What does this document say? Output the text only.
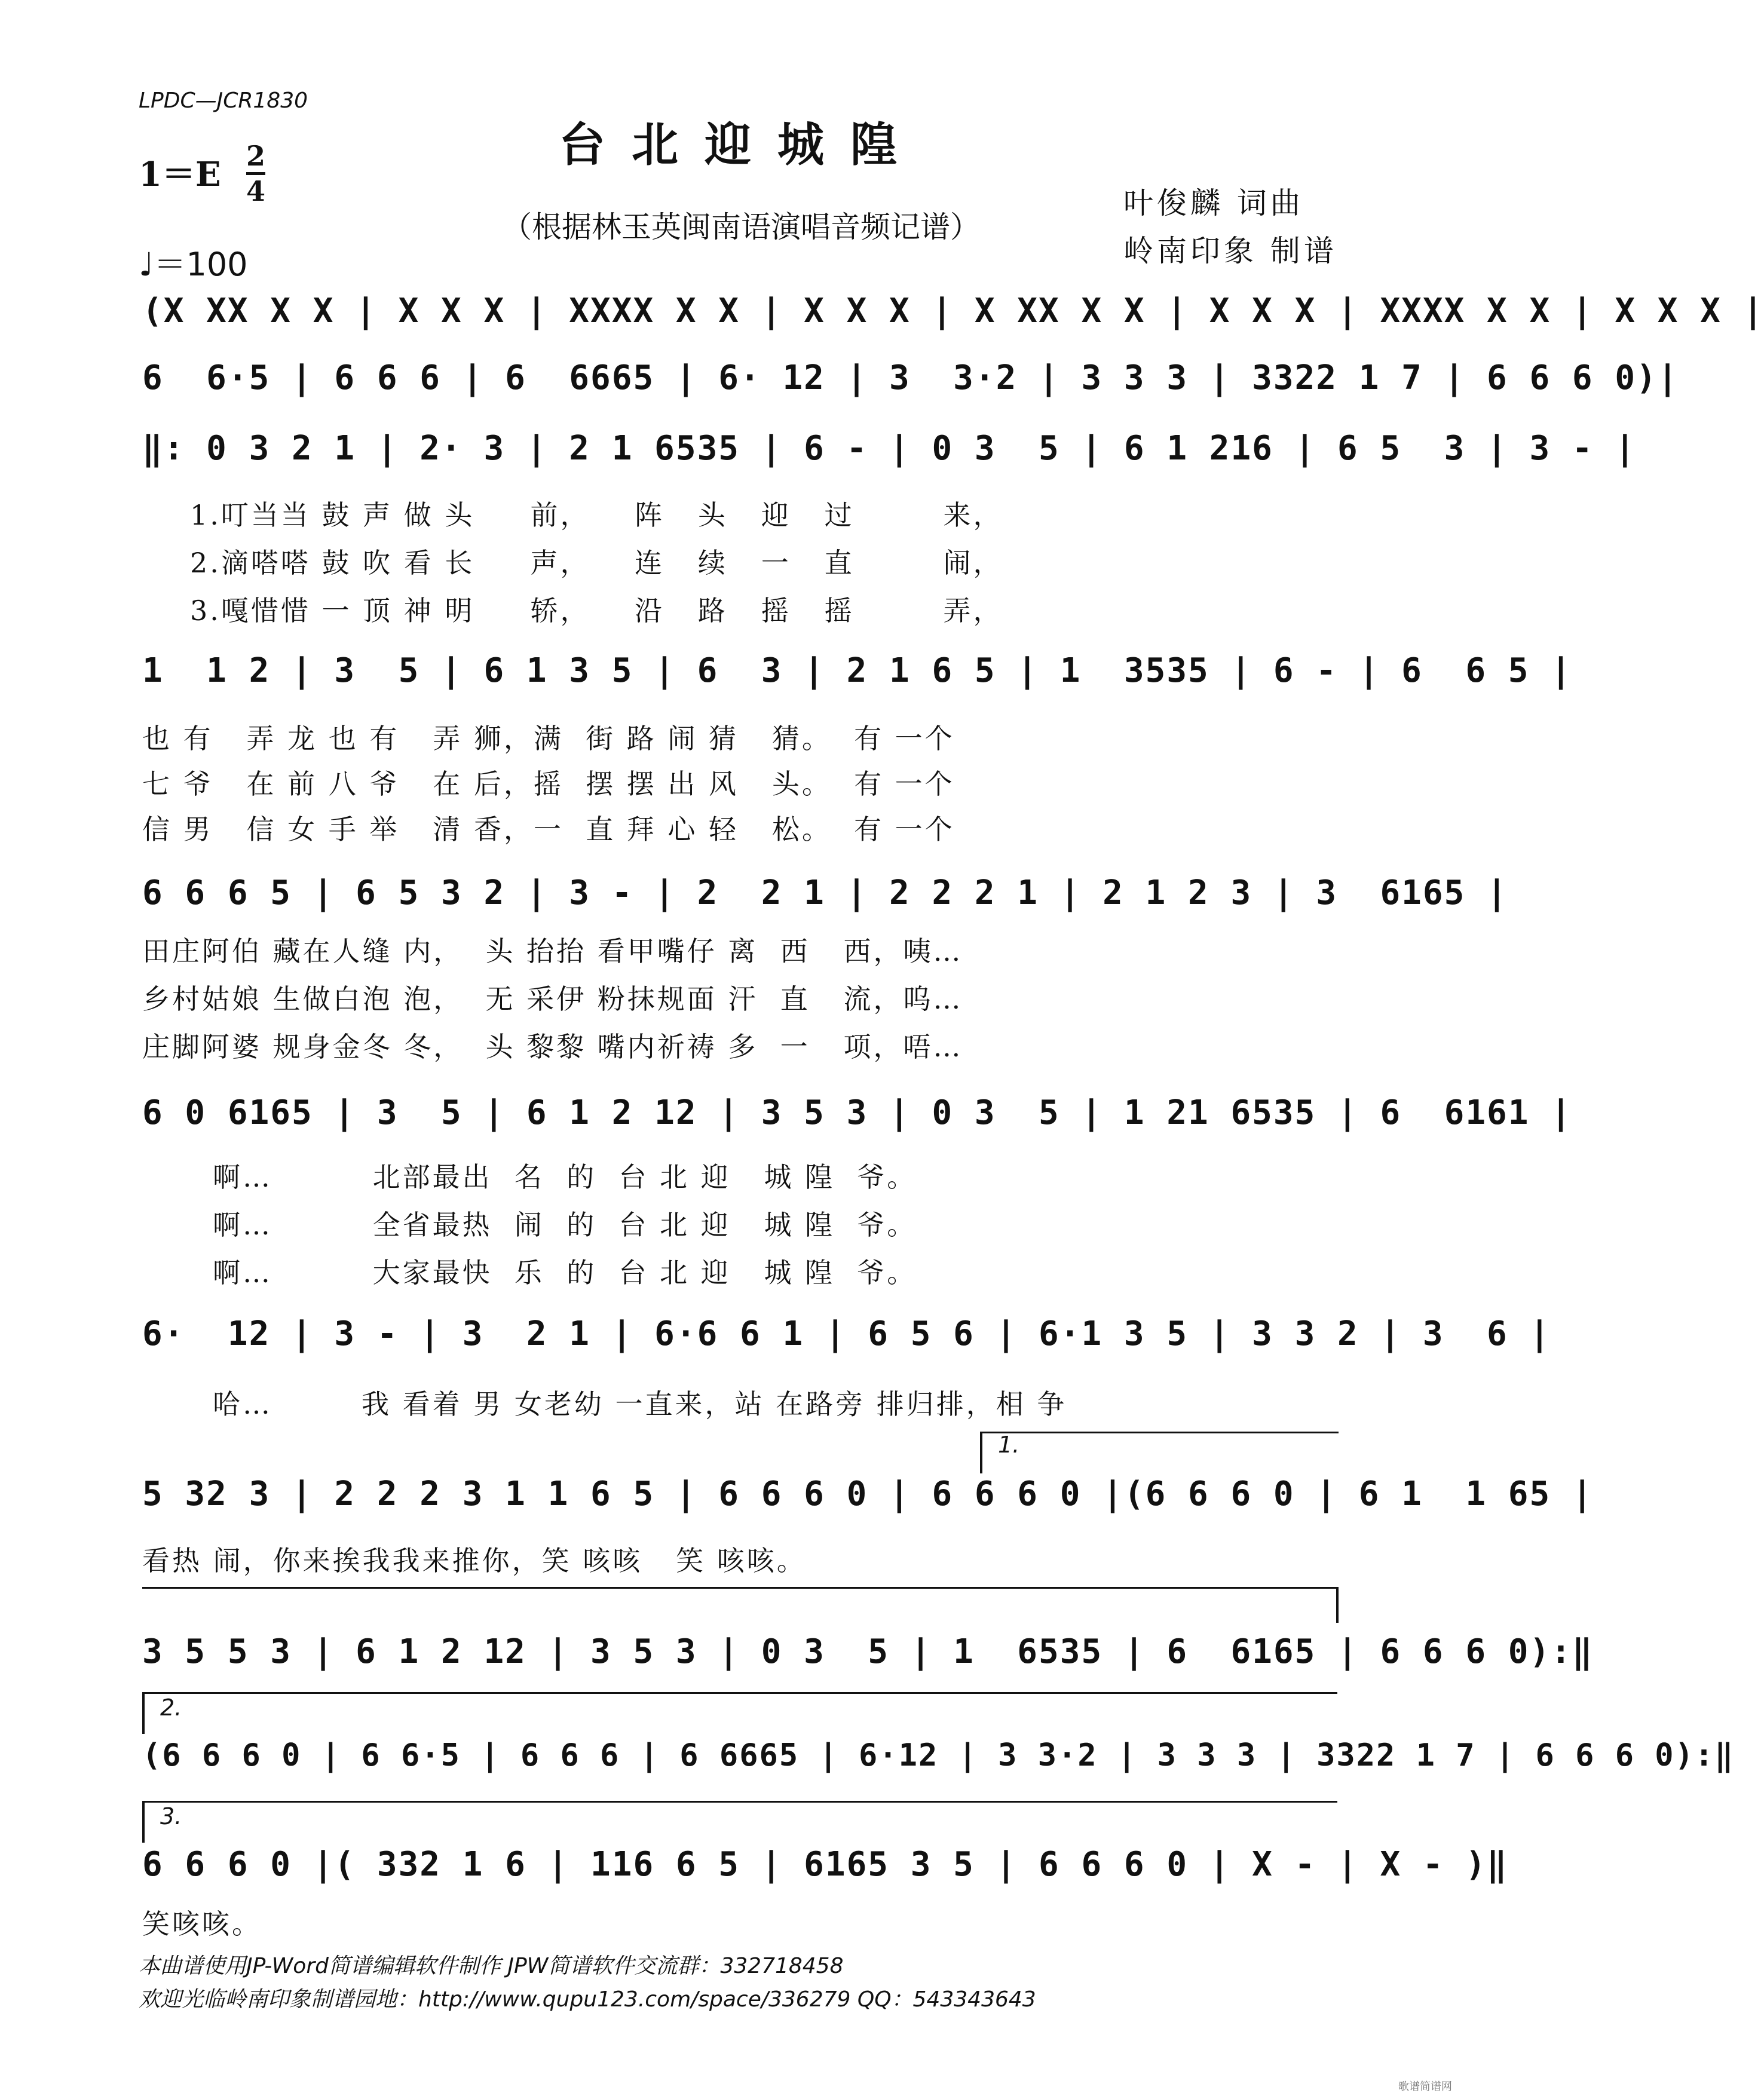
LPDC—JCR1830
台北迎城隍
（根据林玉英闽南语演唱音频记谱）
1＝E 2
4
♩＝100
叶俊麟 词曲
岭南印象 制谱
(X XX X X | X X X | XXXX X X | X X X | X XX X X | X X X | XXXX X X | X X X |
6  6·5 | 6 6 6 | 6  6665 | 6· 12 | 3  3·2 | 3 3 3 | 3322 1 7 | 6 6 6 0)|
‖: 0 3 2 1 | 2· 3 | 2 1 6535 | 6 - | 0 3  5 | 6 1 216 | 6 5  3 | 3 - |
1.叮当当 鼓 声 做 头     前，    阵   头   迎   过        来，
2.滴嗒嗒 鼓 吹 看 长     声，    连   续   一   直        闹，
3.嘎惜惜 一 顶 神 明     轿，    沿   路   摇   摇        弄，
1  1 2 | 3  5 | 6 1 3 5 | 6  3 | 2 1 6 5 | 1  3535 | 6 - | 6  6 5 |
也 有   弄 龙 也 有   弄 狮，满  街 路 闹 猜   猜。  有 一个
七 爷   在 前 八 爷   在 后，摇  摆 摆 出 风   头。  有 一个
信 男   信 女 手 举   清 香，一  直 拜 心 轻   松。  有 一个
6 6 6 5 | 6 5 3 2 | 3 - | 2  2 1 | 2 2 2 1 | 2 1 2 3 | 3  6165 |
田庄阿伯 藏在人缝 内，  头 抬抬 看甲嘴仔 离  西   西，咦…
乡村姑娘 生做白泡 泡，  无 采伊 粉抹规面 汗  直   流，呜…
庄脚阿婆 规身金冬 冬，  头 黎黎 嘴内祈祷 多  一   项，唔…
6 0 6165 | 3  5 | 6 1 2 12 | 3 5 3 | 0 3  5 | 1 21 6535 | 6  6161 |
啊…         北部最出  名  的  台 北 迎   城 隍  爷。
啊…         全省最热  闹  的  台 北 迎   城 隍  爷。
啊…         大家最快  乐  的  台 北 迎   城 隍  爷。
6·  12 | 3 - | 3  2 1 | 6·6 6 1 | 6 5 6 | 6·1 3 5 | 3 3 2 | 3  6 |
哈…        我 看着 男 女老幼 一直来，站 在路旁 排归排，相 争
1.
5 32 3 | 2 2 2 3 1 1 6 5 | 6 6 6 0 | 6 6 6 0 |(6 6 6 0 | 6 1  1 65 |
看热 闹，你来挨我我来推你，笑 咳咳   笑 咳咳。
3 5 5 3 | 6 1 2 12 | 3 5 3 | 0 3  5 | 1  6535 | 6  6165 | 6 6 6 0):‖
2.
(6 6 6 0 | 6 6·5 | 6 6 6 | 6 6665 | 6·12 | 3 3·2 | 3 3 3 | 3322 1 7 | 6 6 6 0):‖
3.
6 6 6 0 |( 332 1 6 | 116 6 5 | 6165 3 5 | 6 6 6 0 | X - | X - )‖
笑咳咳。
本曲谱使用JP-Word简谱编辑软件制作 JPW简谱软件交流群：332718458
欢迎光临岭南印象制谱园地：http://www.qupu123.com/space/336279 QQ：543343643
歌谱简谱网
